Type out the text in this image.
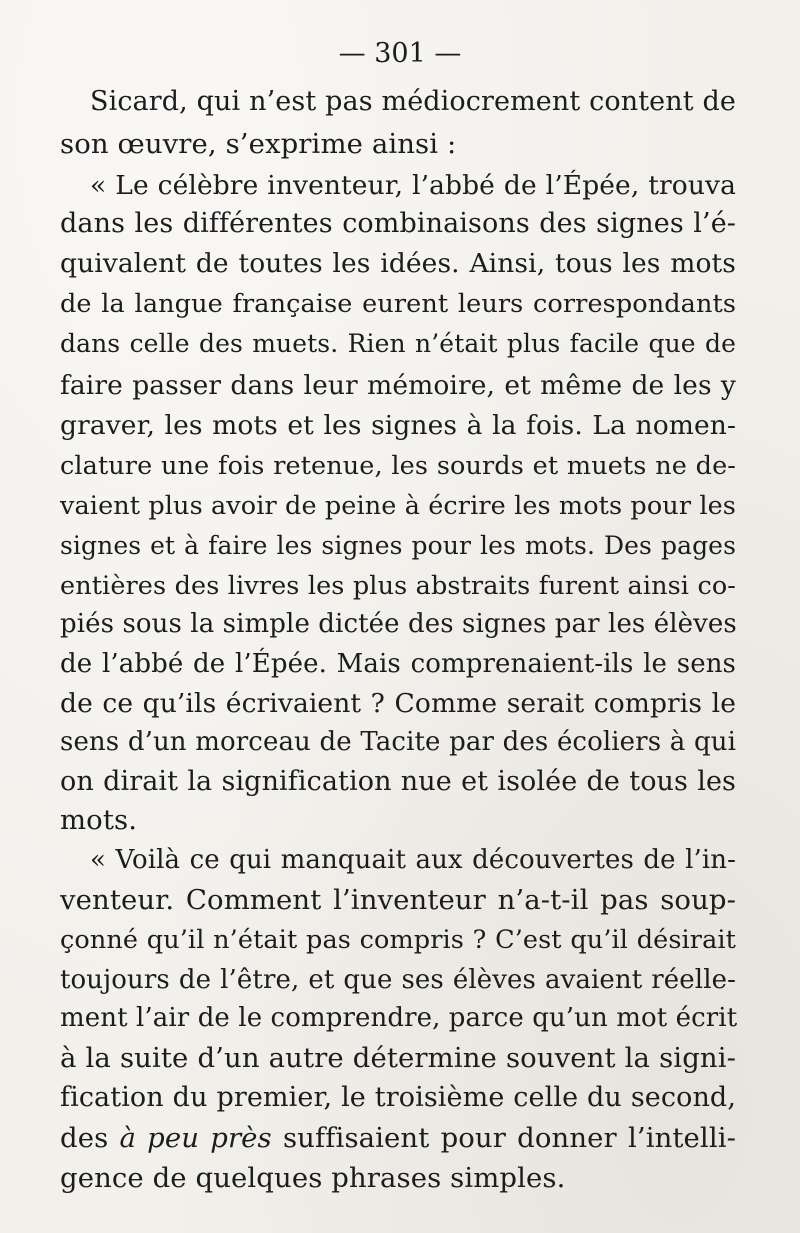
— 301 —
Sicard, qui n’est pas médiocrement content de
son œuvre, s’exprime ainsi :
« Le célèbre inventeur, l’abbé de l’Épée, trouva
dans les différentes combinaisons des signes l’é-
quivalent de toutes les idées. Ainsi, tous les mots
de la langue française eurent leurs correspondants
dans celle des muets. Rien n’était plus facile que de
faire passer dans leur mémoire, et même de les y
graver, les mots et les signes à la fois. La nomen-
clature une fois retenue, les sourds et muets ne de-
vaient plus avoir de peine à écrire les mots pour les
signes et à faire les signes pour les mots. Des pages
entières des livres les plus abstraits furent ainsi co-
piés sous la simple dictée des signes par les élèves
de l’abbé de l’Épée. Mais comprenaient-ils le sens
de ce qu’ils écrivaient ? Comme serait compris le
sens d’un morceau de Tacite par des écoliers à qui
on dirait la signification nue et isolée de tous les
mots.
« Voilà ce qui manquait aux découvertes de l’in-
venteur. Comment l’inventeur n’a-t-il pas soup-
çonné qu’il n’était pas compris ? C’est qu’il désirait
toujours de l’être, et que ses élèves avaient réelle-
ment l’air de le comprendre, parce qu’un mot écrit
à la suite d’un autre détermine souvent la signi-
fication du premier, le troisième celle du second,
des à peu près suffisaient pour donner l’intelli-
gence de quelques phrases simples.
